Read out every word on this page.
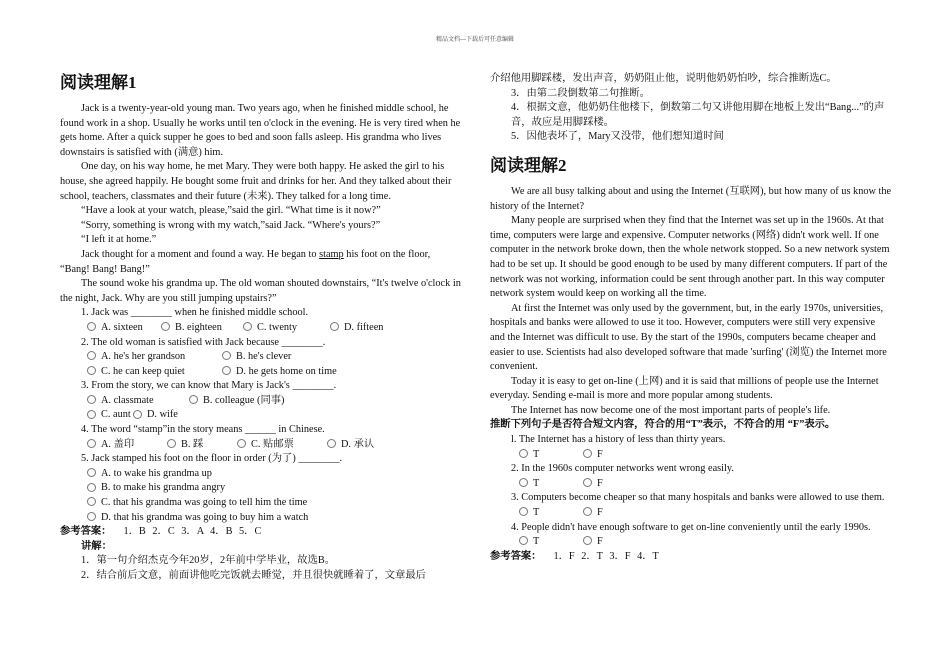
精品文档---下载后可任意编辑
阅读理解1

Jack is a twenty-year-old young man. Two years ago, when he finished middle school, he found work in a shop. Usually he works until ten o'clock in the evening. He is very tired when he gets home. After a quick supper he goes to bed and soon falls asleep. His grandma who lives downstairs is satisfied with (满意) him.

One day, on his way home, he met Mary. They were both happy. He asked the girl to his house, she agreed happily. He bought some fruit and drinks for her. And they talked about their school, teachers, classmates and their future (未来). They talked for a long time.

“Have a look at your watch, please,”said the girl. “What time is it now?”

“Sorry, something is wrong with my watch,”said Jack. “Where's yours?”

“I left it at home.”

Jack thought for a moment and found a way. He began to stamp his foot on the floor, “Bang! Bang! Bang!”

The sound woke his grandma up. The old woman shouted downstairs, “It's twelve o'clock in the night, Jack. Why are you still jumping upstairs?”

1. Jack was ________ when he finished middle school.

A. sixteen	B. eighteen	C. twenty	D. fifteen

2. The old woman is satisfied with Jack because ________.

A. he's her grandson	B. he's clever
C. he can keep quiet	D. he gets home on time

3. From the story, we can know that Mary is Jack's ________.

A. classmate	B. colleague (同事)
C. aunt D. wife

4. The word “stamp”in the story means ______ in Chinese.

A. 盖印	B. 踩	C. 贴邮票	D. 承认

5. Jack stamped his foot on the floor in order (为了) ________.

A. to wake his grandma up
B. to make his grandma angry
C. that his grandma was going to tell him the time
D. that his grandma was going to buy him a watch

参考答案： 1．B 2．C 3．A 4．B 5．C

讲解：

1．第一句介绍杰克今年20岁，2年前中学毕业，故选B。

2．结合前后文意，前面讲他吃完饭就去睡觉，并且很快就睡着了，文章最后

介绍他用脚踩楼，发出声音，奶奶阻止他，说明他奶奶怕吵，综合推断选C。

3．由第二段倒数第二句推断。

4．根据文意，他奶奶住他楼下，倒数第二句又讲他用脚在地板上发出“Bang...”的声音，故应是用脚踩楼。

5．因他表坏了，Mary又没带，他们想知道时间

阅读理解2

We are all busy talking about and using the Internet (互联网), but how many of us know the history of the Internet?

Many people are surprised when they find that the Internet was set up in the 1960s. At that time, computers were large and expensive. Computer networks (网络) didn't work well. If one computer in the network broke down, then the whole network stopped. So a new network system had to be set up. It should be good enough to be used by many different computers. If part of the network was not working, information could be sent through another part. In this way computer network system would keep on working all the time.

At first the Internet was only used by the government, but, in the early 1970s, universities, hospitals and banks were allowed to use it too. However, computers were still very expensive and the Internet was difficult to use. By the start of the 1990s, computers became cheaper and easier to use. Scientists had also developed software that made 'surfing' (浏览) the Internet more convenient.

Today it is easy to get on-line (上网) and it is said that millions of people use the Internet everyday. Sending e-mail is more and more popular among students.

The Internet has now become one of the most important parts of people's life.

推断下列句子是否符合短文内容，符合的用“T”表示，不符合的用 “F”表示。

l. The Internet has a history of less than thirty years.

T	F

2. In the 1960s computer networks went wrong easily.

T	F

3. Computers become cheaper so that many hospitals and banks were allowed to use them.

T	F

4. People didn't have enough software to get on-line conveniently until the early 1990s.

T	F

参考答案： 1．F 2．T 3．F 4．T
